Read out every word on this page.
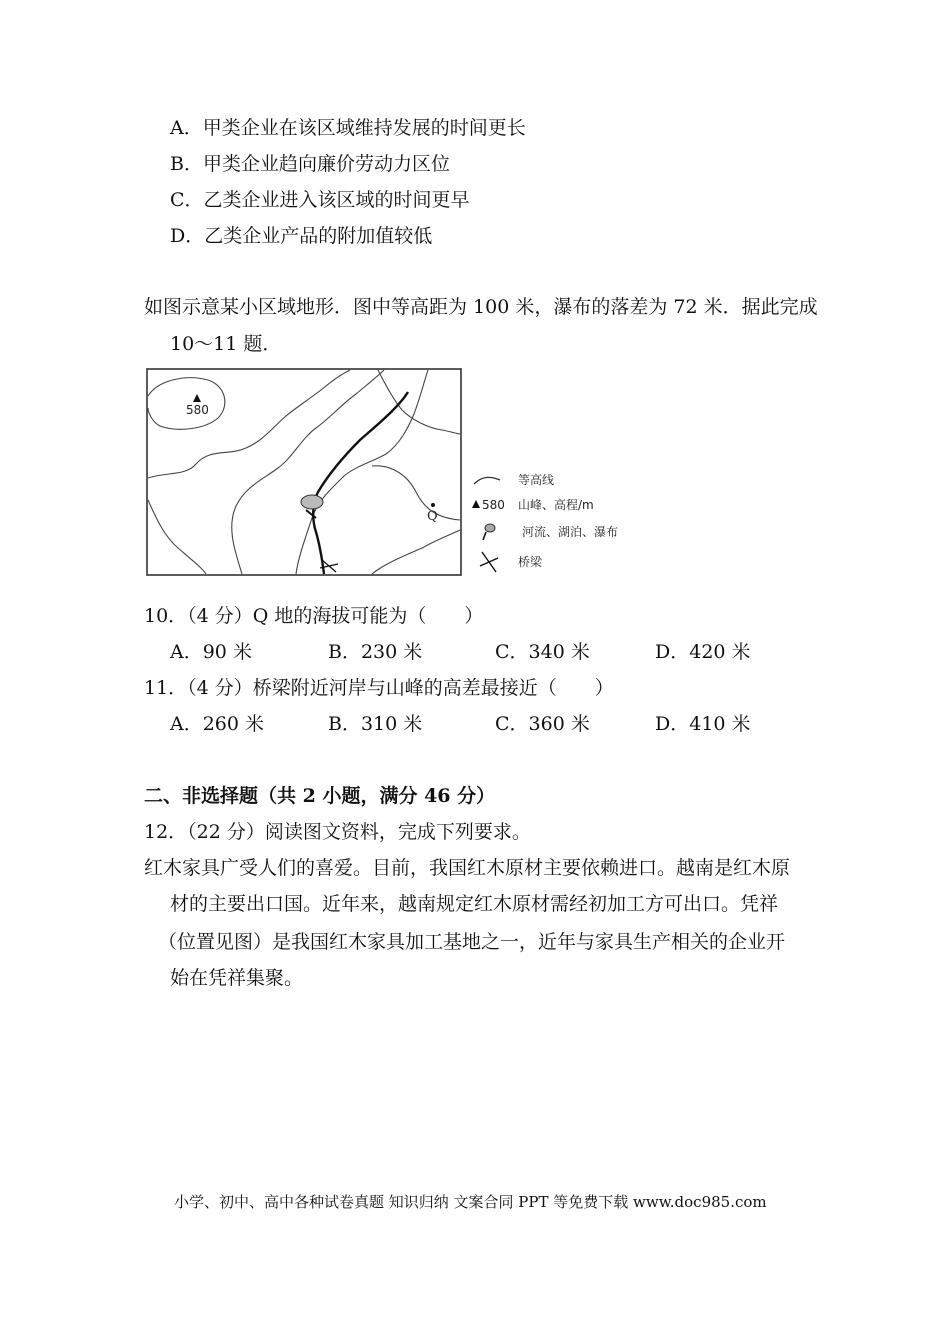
A．甲类企业在该区域维持发展的时间更长
B．甲类企业趋向廉价劳动力区位
C．乙类企业进入该区域的时间更早
D．乙类企业产品的附加值较低
如图示意某小区域地形．图中等高距为 100 米，瀑布的落差为 72 米．据此完成
10～11 题．
580
Q
等高线
580 山峰、高程/m
河流、湖泊、瀑布
桥梁
10．（4 分）Q 地的海拔可能为（　　）
A．90 米	B．230 米	C．340 米	D．420 米
11．（4 分）桥梁附近河岸与山峰的高差最接近（　　）
A．260 米	B．310 米	C．360 米	D．410 米
二、非选择题（共 2 小题，满分 46 分）
12．（22 分）阅读图文资料，完成下列要求。
红木家具广受人们的喜爱。目前，我国红木原材主要依赖进口。越南是红木原
材的主要出口国。近年来，越南规定红木原材需经初加工方可出口。凭祥
（位置见图）是我国红木家具加工基地之一，近年与家具生产相关的企业开
始在凭祥集聚。
小学、初中、高中各种试卷真题 知识归纳 文案合同 PPT 等免费下载 www.doc985.com
